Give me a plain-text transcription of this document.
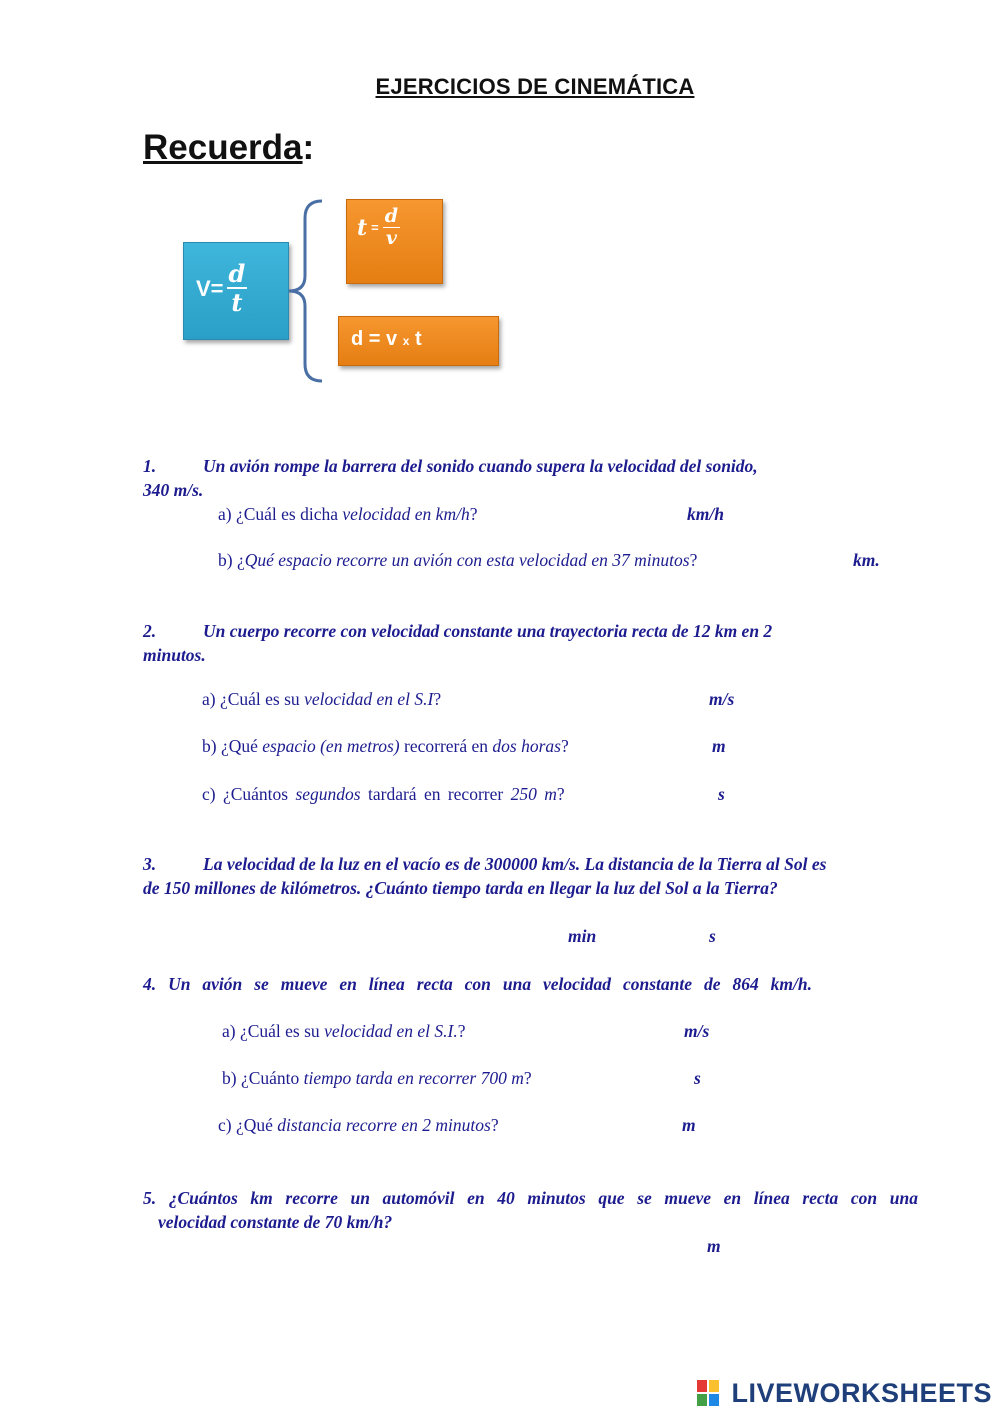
EJERCICIOS DE CINEMÁTICA
Recuerda:
$V= \frac{d}{t}$
$t = \frac{d}{v}$
d = v x t
1.	Un avión rompe la barrera del sonido cuando supera la velocidad del sonido,
340 m/s.
a) ¿Cuál es dicha velocidad en km/h?	km/h
b) ¿Qué espacio recorre un avión con esta velocidad en 37 minutos?	km.
2.	Un cuerpo recorre con velocidad constante una trayectoria recta de 12 km en 2
minutos.
a) ¿Cuál es su velocidad en el S.I?	m/s
b) ¿Qué espacio (en metros) recorrerá en dos horas?	m
c) ¿Cuántos segundos tardará en recorrer 250 m?	s
3.	La velocidad de la luz en el vacío es de 300000 km/s. La distancia de la Tierra al Sol es
de 150 millones de kilómetros. ¿Cuánto tiempo tarda en llegar la luz del Sol a la Tierra?
min	s
4. Un avión se mueve en línea recta con una velocidad constante de 864 km/h.
a) ¿Cuál es su velocidad en el S.I.?	m/s
b) ¿Cuánto tiempo tarda en recorrer 700 m?	s
c) ¿Qué distancia recorre en 2 minutos?	m
5. ¿Cuántos km recorre un automóvil en 40 minutos que se mueve en línea recta con una
velocidad constante de 70 km/h?
m
LIVEWORKSHEETS
